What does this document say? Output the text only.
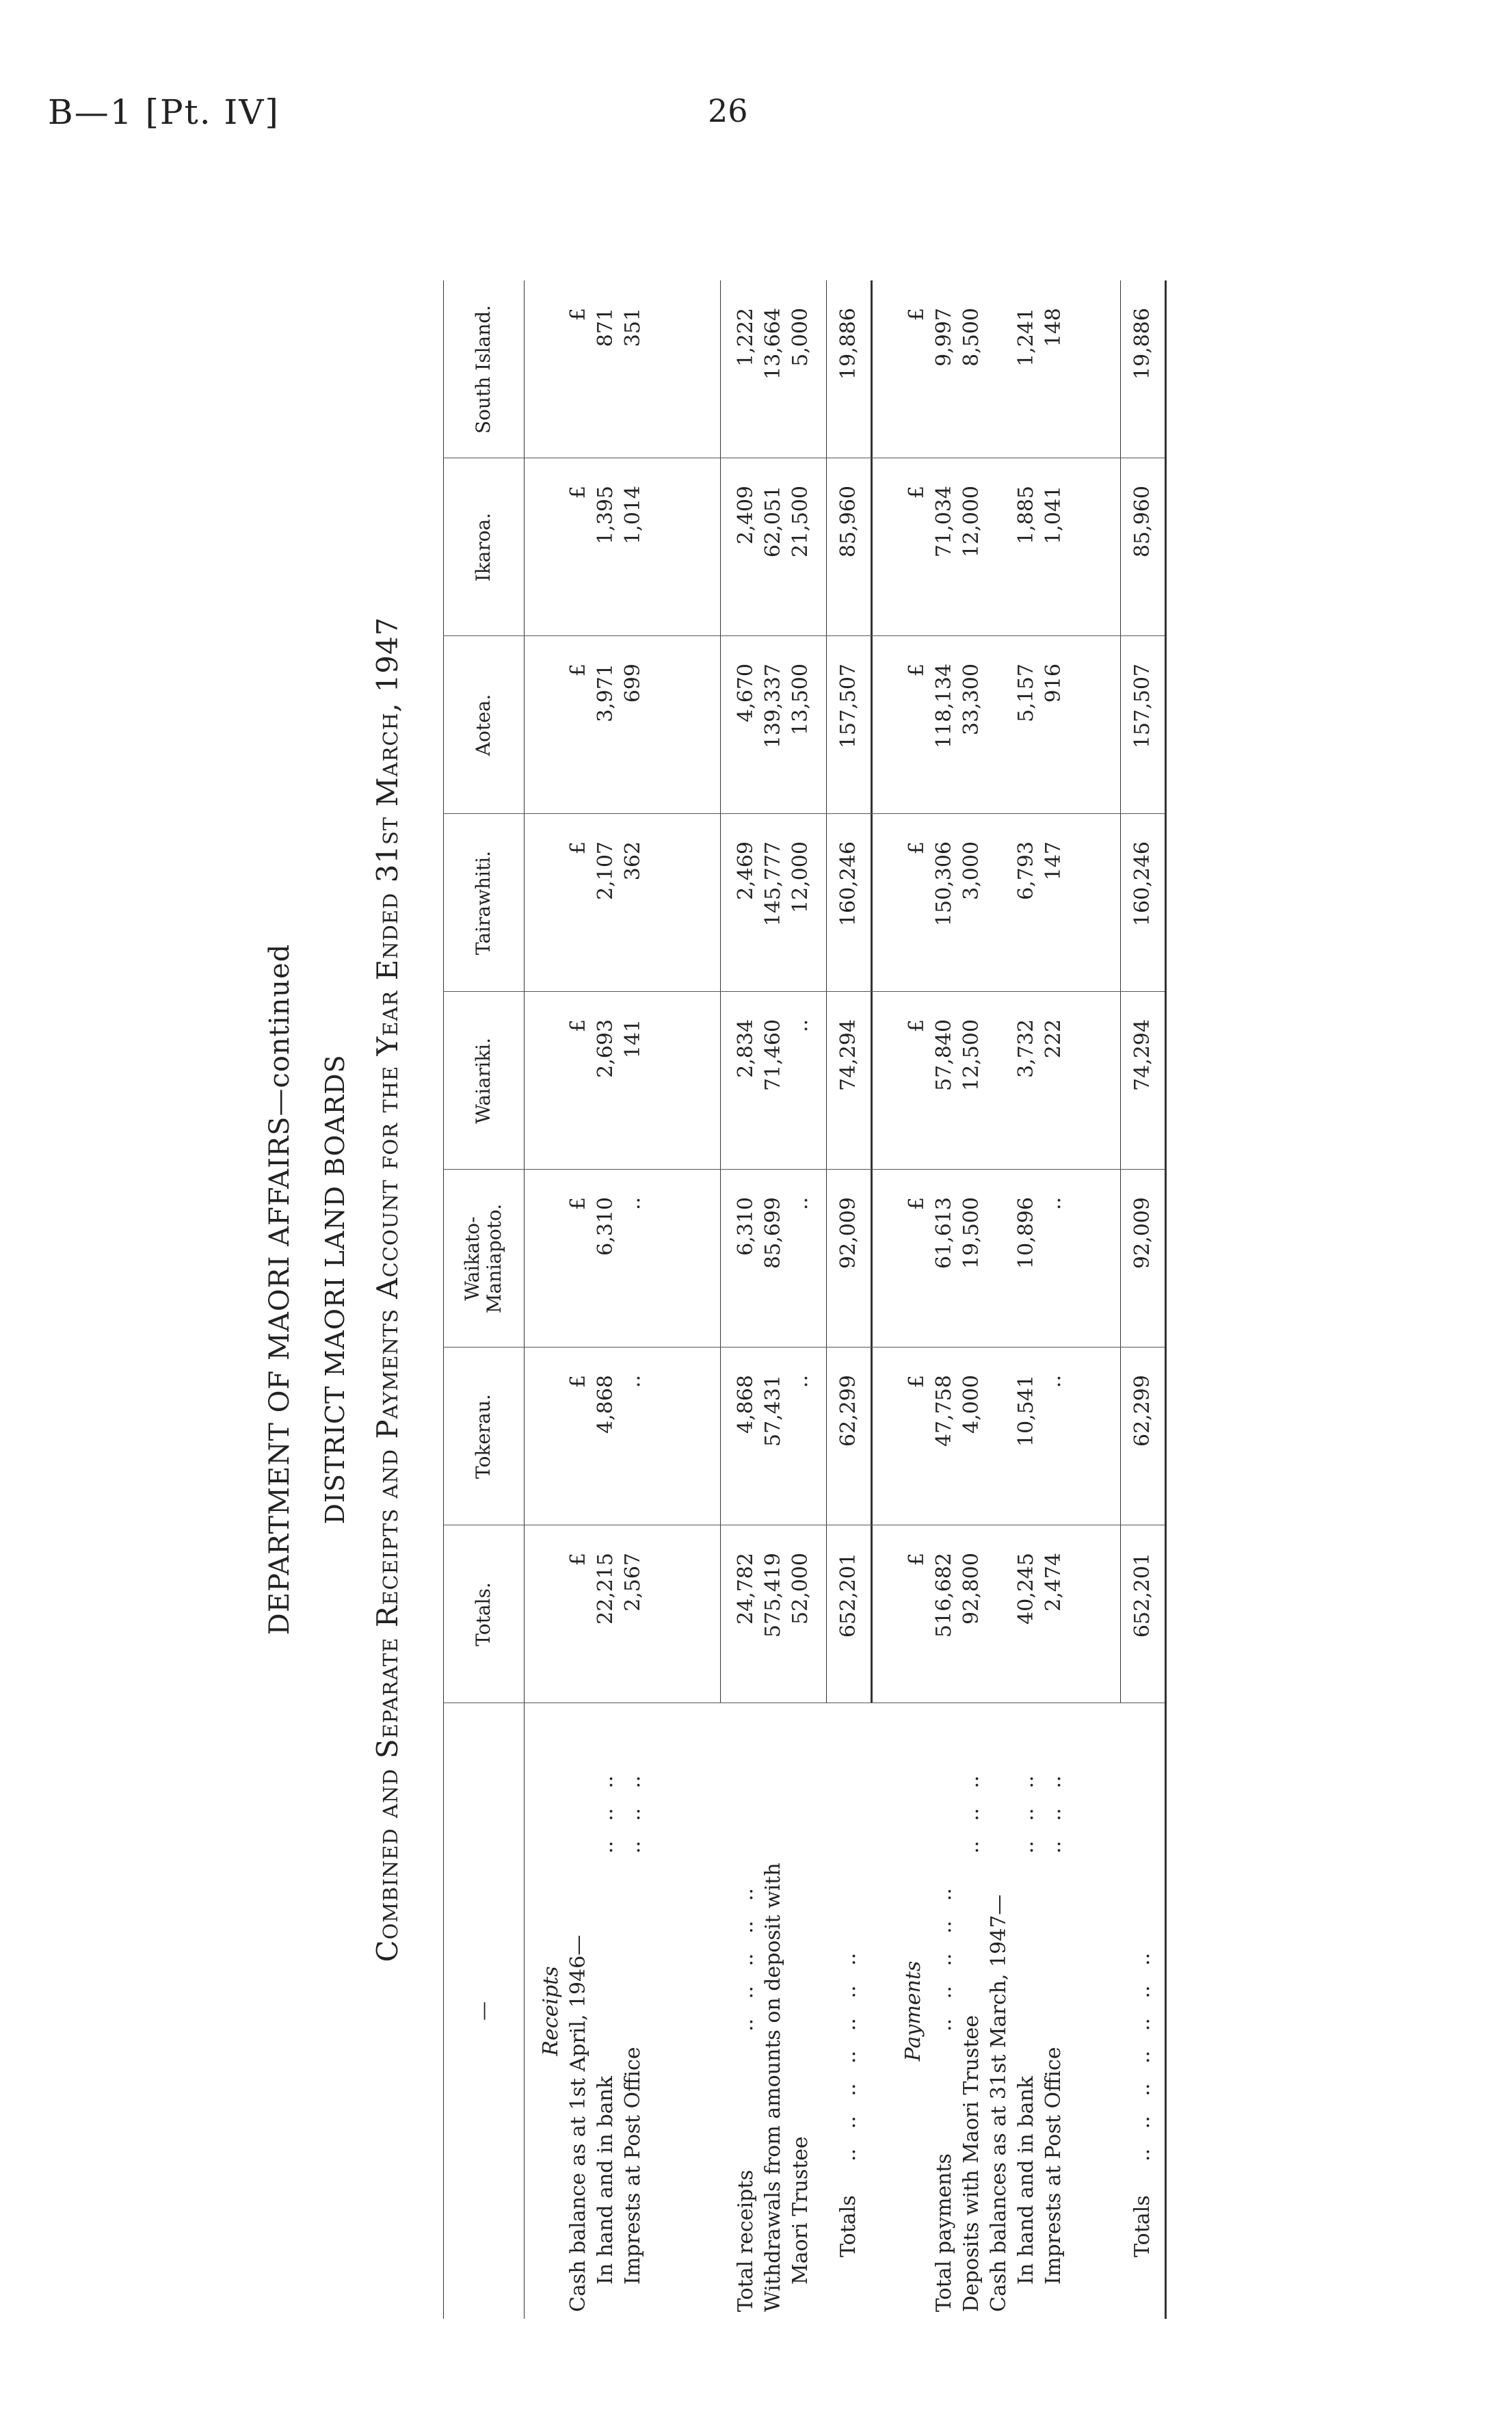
B—1 [Pt. IV]	26
DEPARTMENT OF MAORI AFFAIRS—continued DISTRICT MAORI LAND BOARDS Combined and Separate Receipts and Payments Account for the Year Ended 31st March, 1947
—
Totals.
Tokerau.
Waikato-Maniapoto.
Waiariki.
Tairawhiti.
Aotea.
Ikaroa.
South Island.
Receipts Cash balance as at 1st April, 1946— In hand and in bank
..   ..   ..
Imprests at Post Office
..   ..   ..
Total receipts
..   ..   ..   ..   .. Withdrawals from amounts on deposit with Maori Trustee Totals
..   ..   ..   ..   ..   ..   .. Payments
Total payments
..   ..   ..   ..   ..
Deposits with Maori Trustee
..   ..   ..
Cash balances as at 31st March, 1947— In hand and in bank
..   ..   ..
Imprests at Post Office
..   ..   ..
Totals
..   ..   ..   ..   ..   ..   ..
£
£
£
£
£
£
£
£
£
£
£
£
£
£
£
£
22,215
4,868
6,310
2,693
2,107
3,971
1,395
871
2,567
..
..
141
362
699
1,014
351
24,782
4,868
6,310
2,834
2,469
4,670
2,409
1,222
575,419
57,431
85,699
71,460
145,777
139,337
62,051
13,664
52,000
..
..
..
12,000
13,500
21,500
5,000
652,201
62,299
92,009
74,294
160,246
157,507
85,960
19,886
516,682
47,758
61,613
57,840
150,306
118,134
71,034
9,997
92,800
4,000
19,500
12,500
3,000
33,300
12,000
8,500
40,245
10,541
10,896
3,732
6,793
5,157
1,885
1,241
2,474
..
..
222
147
916
1,041
148
652,201
62,299
92,009
74,294
160,246
157,507
85,960
19,886
